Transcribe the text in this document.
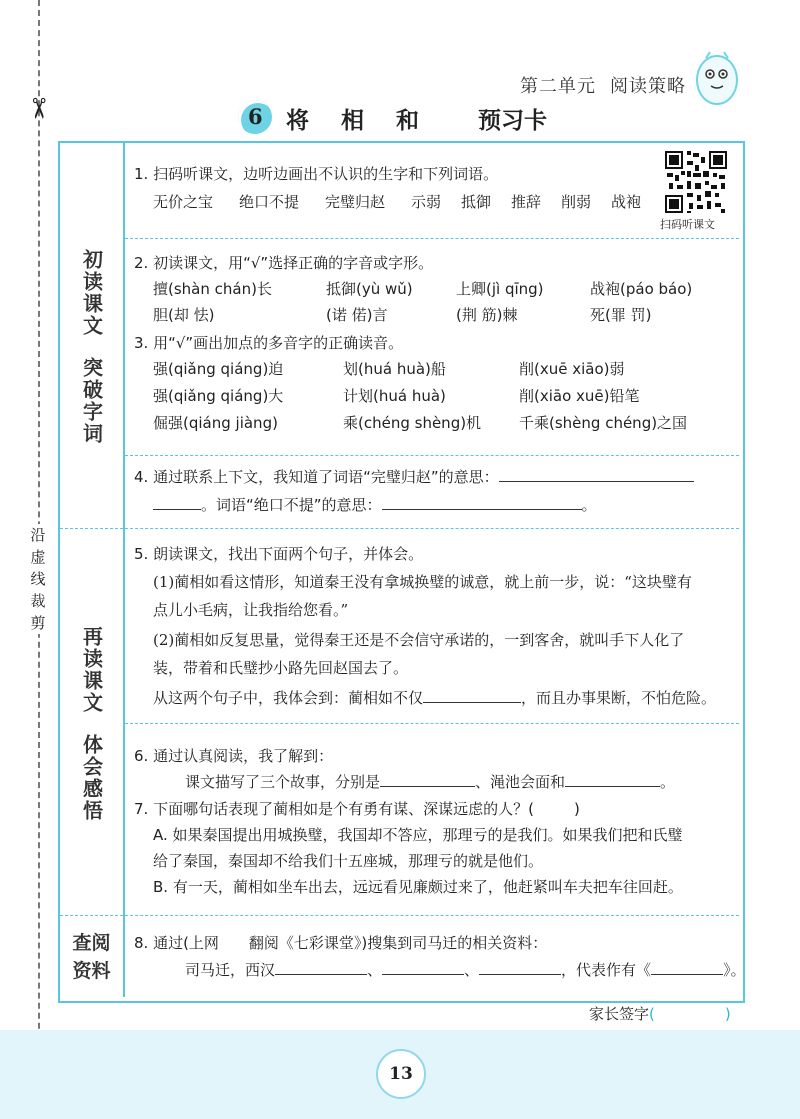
✂
沿虚线裁剪
第二单元 阅读策略
6 将 相 和 预习卡
初读课文
突破字词
再读课文
体会感悟
查阅
资料
扫码听课文
1. 扫码听课文，边听边画出不认识的生字和下列词语。
无价之宝 绝口不提 完璧归赵 示弱 抵御 推辞 削弱 战袍
2. 初读课文，用“√”选择正确的字音或字形。
擅(shàn chán)长	抵御(yù wǔ)	上卿(jì qīng)	战袍(páo báo)
胆(却 怯)	(诺 偌)言	(荆 筋)棘	死(罪 罚)
3. 用“√”画出加点的多音字的正确读音。
强(qiǎng qiáng)迫	划(huá huà)船	削(xuē xiāo)弱
强(qiǎng qiáng)大	计划(huá huà)	削(xiāo xuē)铅笔
倔强(qiáng jiàng)	乘(chéng shèng)机	千乘(shèng chéng)之国
4. 通过联系上下文，我知道了词语“完璧归赵”的意思：
。词语“绝口不提”的意思：	。
5. 朗读课文，找出下面两个句子，并体会。
(1)蔺相如看这情形，知道秦王没有拿城换璧的诚意，就上前一步，说：“这块璧有
点儿小毛病，让我指给您看。”
(2)蔺相如反复思量，觉得秦王还是不会信守承诺的，一到客舍，就叫手下人化了
装，带着和氏璧抄小路先回赵国去了。
从这两个句子中，我体会到：蔺相如不仅	，而且办事果断，不怕危险。
6. 通过认真阅读，我了解到：
课文描写了三个故事，分别是	、渑池会面和	。
7. 下面哪句话表现了蔺相如是个有勇有谋、深谋远虑的人？(	)
A. 如果秦国提出用城换璧，我国却不答应，那理亏的是我们。如果我们把和氏璧
给了秦国，秦国却不给我们十五座城，那理亏的就是他们。
B. 有一天，蔺相如坐车出去，远远看见廉颇过来了，他赶紧叫车夫把车往回赶。
8. 通过(上网　　翻阅《七彩课堂》)搜集到司马迁的相关资料：
司马迁，西汉	、	、	，代表作有《	》。
家长签字(	)
13
